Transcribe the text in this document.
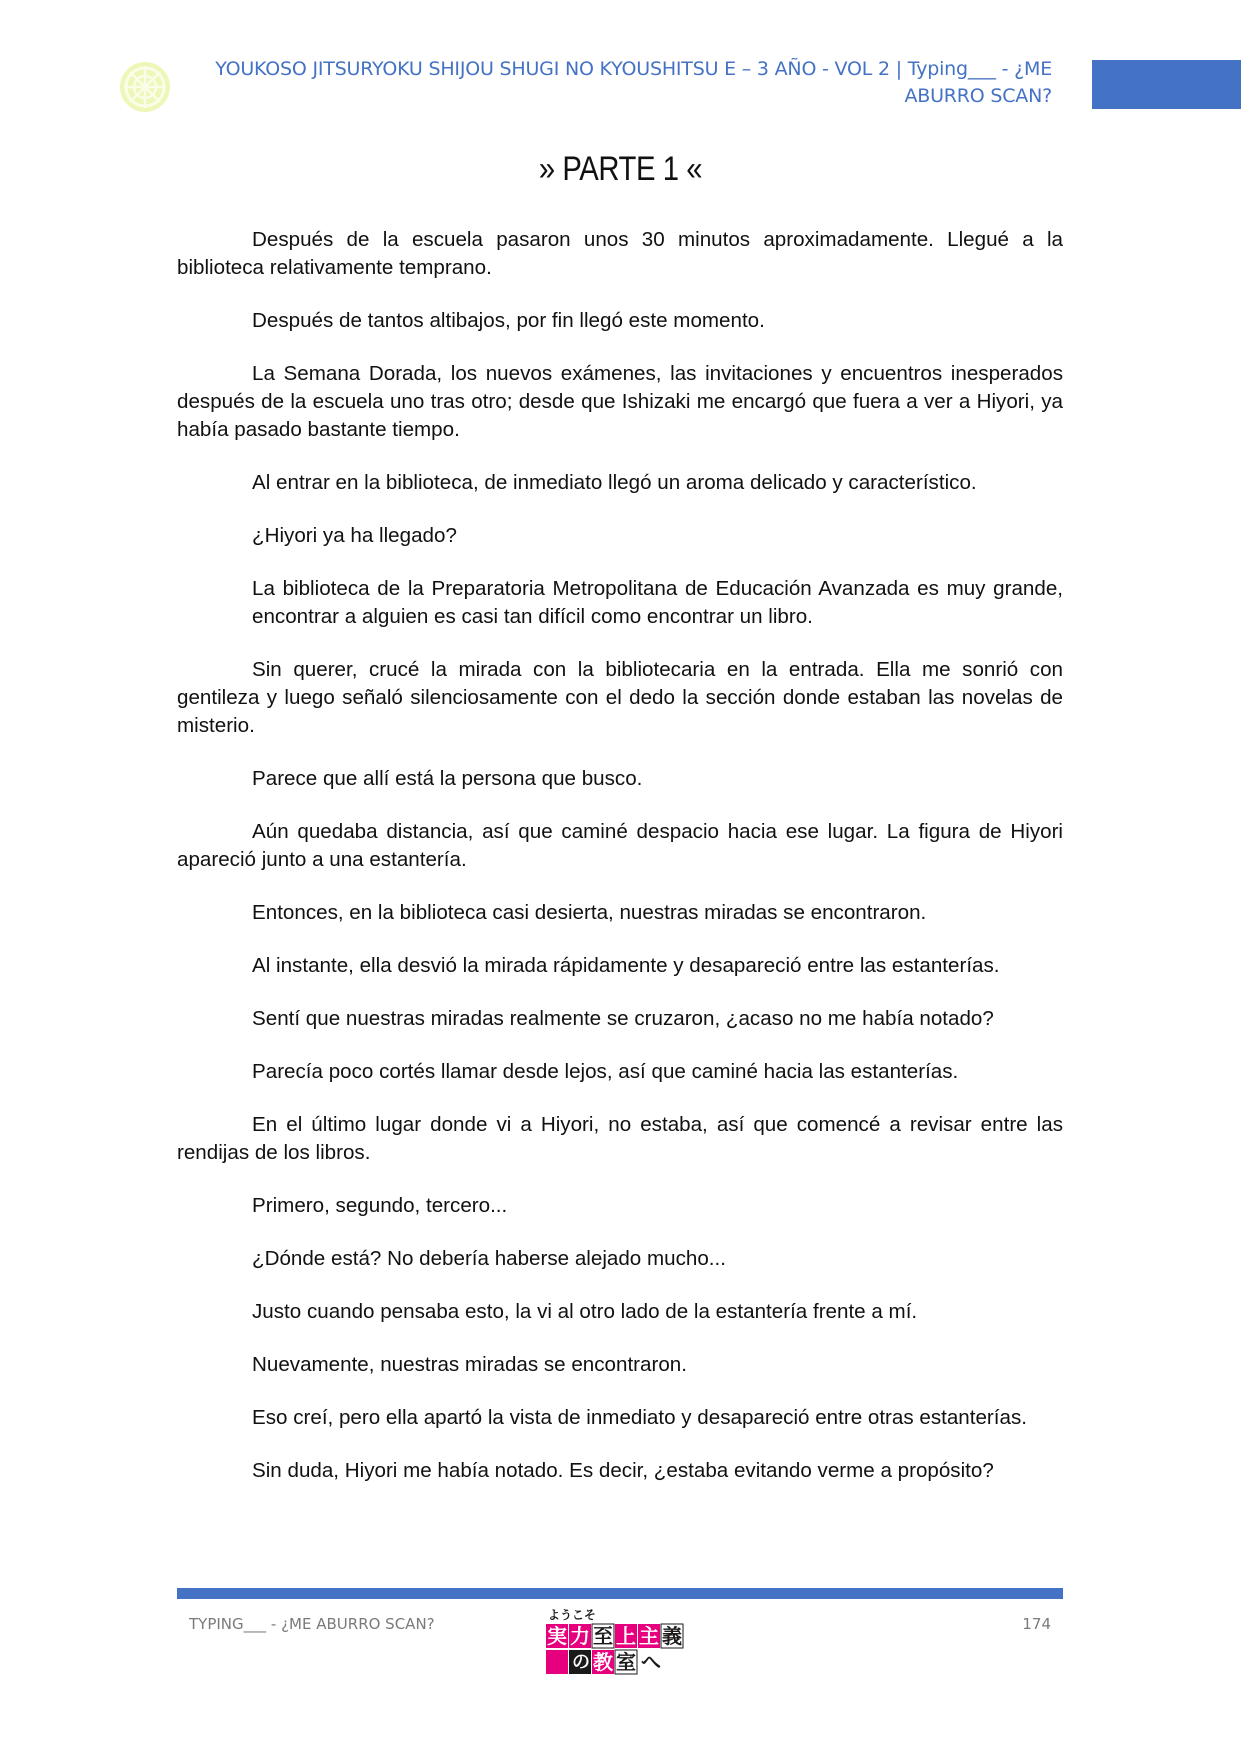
YOUKOSO JITSURYOKU SHIJOU SHUGI NO KYOUSHITSU E – 3 AÑO - VOL 2 | Typing___ - ¿ME ABURRO SCAN?
» PARTE 1 «

Después de la escuela pasaron unos 30 minutos aproximadamente. Llegué a la biblioteca relativamente temprano.

Después de tantos altibajos, por fin llegó este momento.

La Semana Dorada, los nuevos exámenes, las invitaciones y encuentros inesperados después de la escuela uno tras otro; desde que Ishizaki me encargó que fuera a ver a Hiyori, ya había pasado bastante tiempo.

Al entrar en la biblioteca, de inmediato llegó un aroma delicado y característico.

¿Hiyori ya ha llegado?

La biblioteca de la Preparatoria Metropolitana de Educación Avanzada es muy grande, encontrar a alguien es casi tan difícil como encontrar un libro.

Sin querer, crucé la mirada con la bibliotecaria en la entrada. Ella me sonrió con gentileza y luego señaló silenciosamente con el dedo la sección donde estaban las novelas de misterio.

Parece que allí está la persona que busco.

Aún quedaba distancia, así que caminé despacio hacia ese lugar. La figura de Hiyori apareció junto a una estantería.

Entonces, en la biblioteca casi desierta, nuestras miradas se encontraron.

Al instante, ella desvió la mirada rápidamente y desapareció entre las estanterías.

Sentí que nuestras miradas realmente se cruzaron, ¿acaso no me había notado?

Parecía poco cortés llamar desde lejos, así que caminé hacia las estanterías.

En el último lugar donde vi a Hiyori, no estaba, así que comencé a revisar entre las rendijas de los libros.

Primero, segundo, tercero...

¿Dónde está? No debería haberse alejado mucho...

Justo cuando pensaba esto, la vi al otro lado de la estantería frente a mí.

Nuevamente, nuestras miradas se encontraron.

Eso creí, pero ella apartó la vista de inmediato y desapareció entre otras estanterías.

Sin duda, Hiyori me había notado. Es decir, ¿estaba evitando verme a propósito?

TYPING___ - ¿ME ABURRO SCAN?	174
ようこそ
実 力 至 上 主 義
の 教 室 へ
